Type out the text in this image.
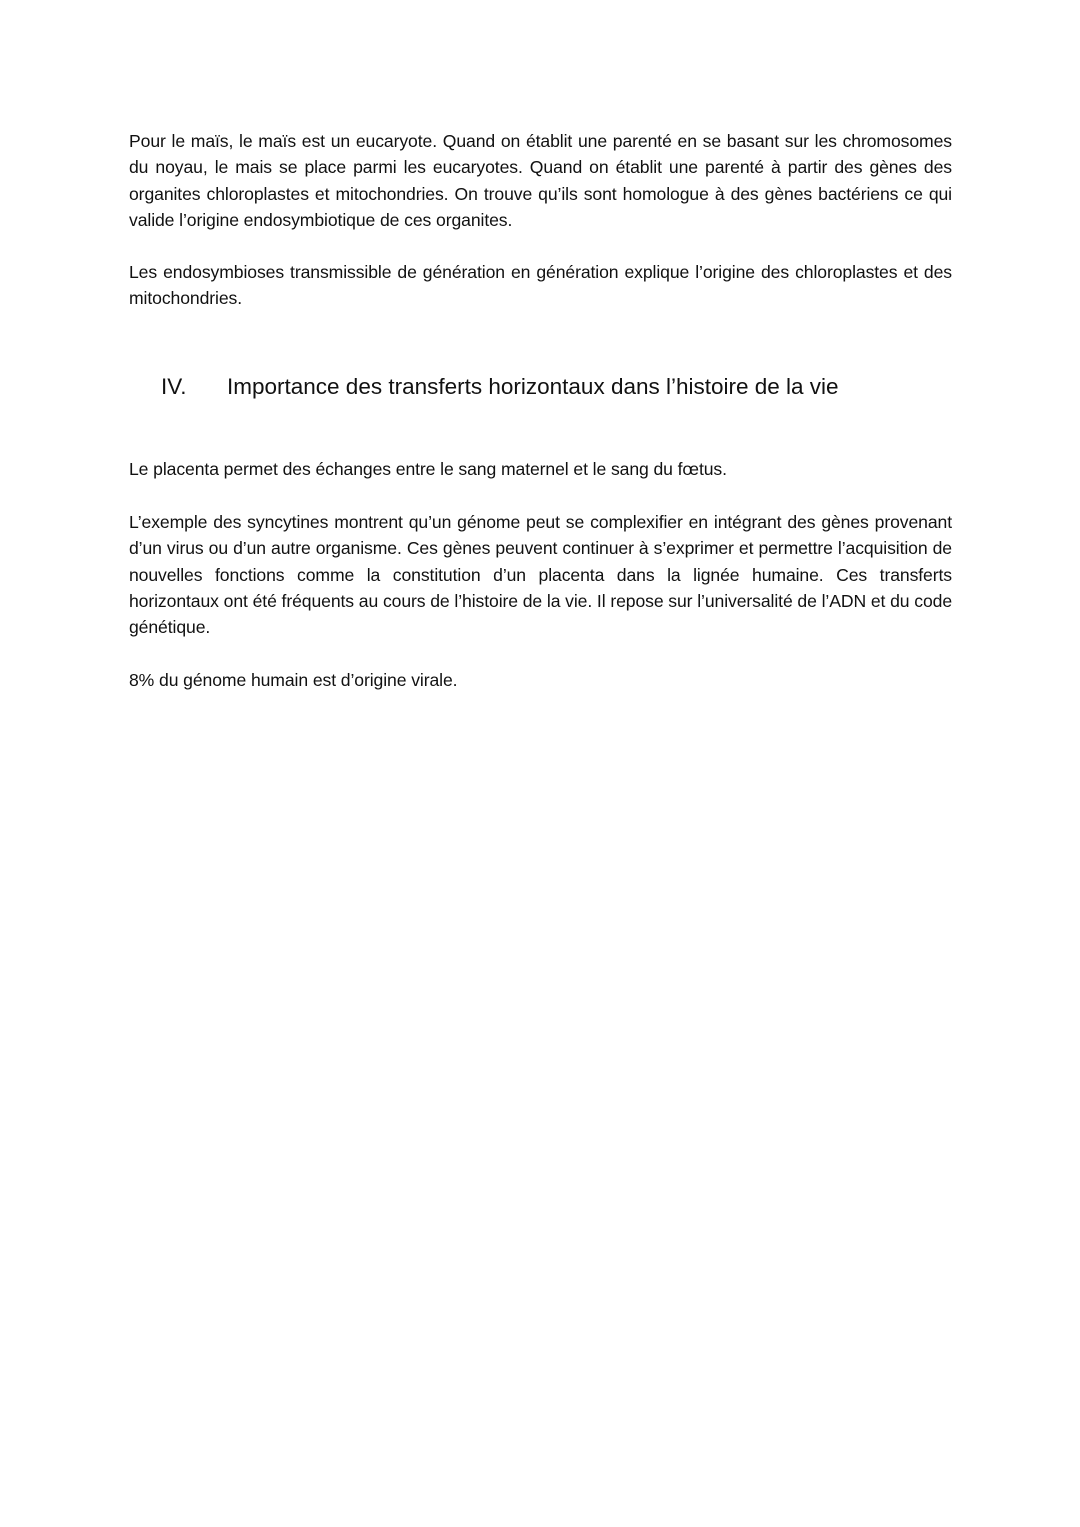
Pour le maïs, le maïs est un eucaryote. Quand on établit une parenté en se basant sur les chromosomes du noyau, le mais se place parmi les eucaryotes. Quand on établit une parenté à partir des gènes des organites chloroplastes et mitochondries. On trouve qu’ils sont homologue à des gènes bactériens ce qui valide l’origine endosymbiotique de ces organites.

Les endosymbioses transmissible de génération en génération explique l’origine des chloroplastes et des mitochondries.

IV.	Importance des transferts horizontaux dans l’histoire de la vie

Le placenta permet des échanges entre le sang maternel et le sang du fœtus.

L’exemple des syncytines montrent qu’un génome peut se complexifier en intégrant des gènes provenant d’un virus ou d’un autre organisme. Ces gènes peuvent continuer à s’exprimer et permettre l’acquisition de nouvelles fonctions comme la constitution d’un placenta dans la lignée humaine. Ces transferts horizontaux ont été fréquents au cours de l’histoire de la vie. Il repose sur l’universalité de l’ADN et du code génétique.

8% du génome humain est d’origine virale.
